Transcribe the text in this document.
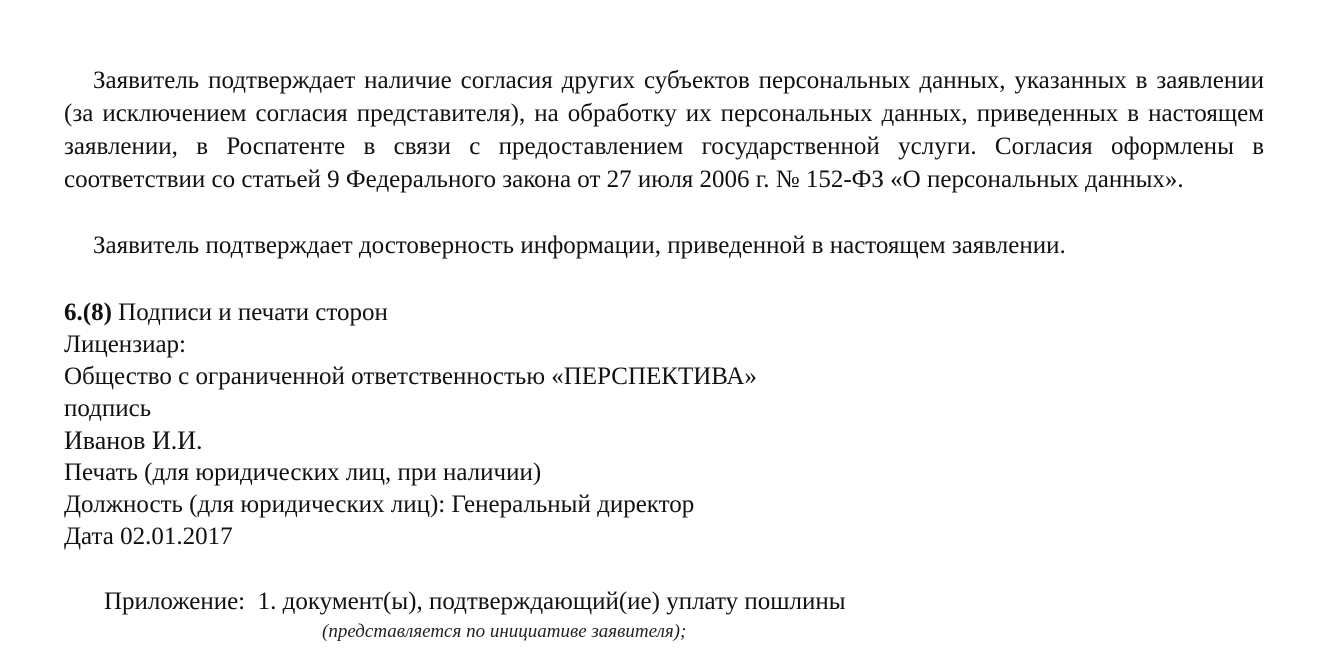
Заявитель подтверждает наличие согласия других субъектов персональных данных, указанных в заявлении (за исключением согласия представителя), на обработку их персональных данных, приведенных в настоящем заявлении, в Роспатенте в связи с предоставлением государственной услуги. Согласия оформлены в соответствии со статьей 9 Федерального закона от 27 июля 2006 г. № 152-ФЗ «О персональных данных».

Заявитель подтверждает достоверность информации, приведенной в настоящем заявлении.

6.(8) Подписи и печати сторон
Лицензиар:
Общество с ограниченной ответственностью «ПЕРСПЕКТИВА»
подпись
Иванов И.И.
Печать (для юридических лиц, при наличии)
Должность (для юридических лиц): Генеральный директор
Дата 02.01.2017
Приложение: 1. документ(ы), подтверждающий(ие) уплату пошлины
(представляется по инициативе заявителя);
